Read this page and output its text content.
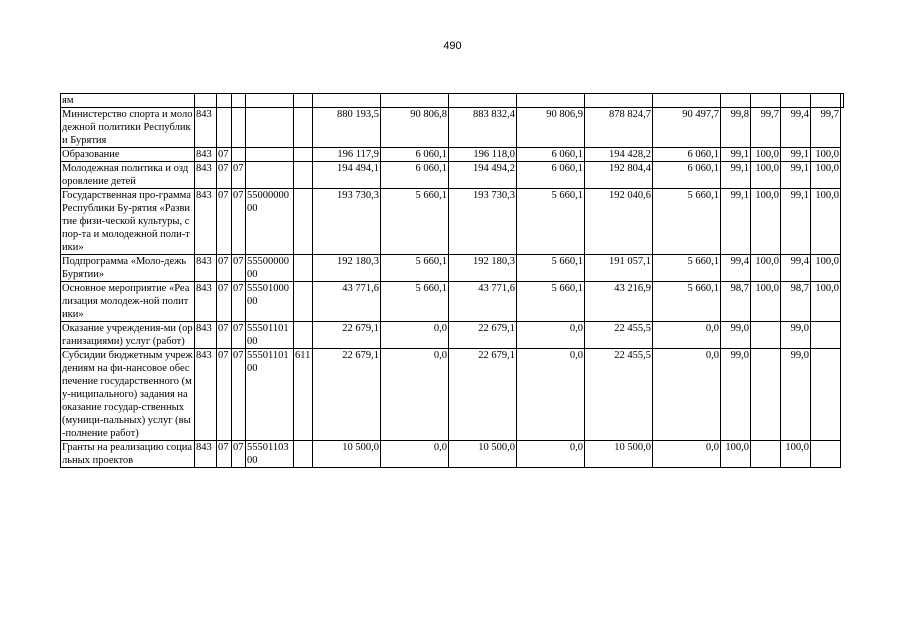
490
ям																
Министерство спорта и молодежной политики Республики Бурятия	843					880 193,5	90 806,8	883 832,4	90 806,9	878 824,7	90 497,7	99,8	99,7	99,4	99,7	
Образование	843	07				196 117,9	6 060,1	196 118,0	6 060,1	194 428,2	6 060,1	99,1	100,0	99,1	100,0	
Молодежная политика и оздоровление детей	843	07	07			194 494,1	6 060,1	194 494,2	6 060,1	192 804,4	6 060,1	99,1	100,0	99,1	100,0	
Государственная про-грамма Республики Бу-рятия «Развитие физи-ческой культуры, спор-та и молодежной поли-тики»	843	07	07	5500000000		193 730,3	5 660,1	193 730,3	5 660,1	192 040,6	5 660,1	99,1	100,0	99,1	100,0	
Подпрограмма «Моло-дежь Бурятии»	843	07	07	5550000000		192 180,3	5 660,1	192 180,3	5 660,1	191 057,1	5 660,1	99,4	100,0	99,4	100,0	
Основное мероприятие «Реализация молодеж-ной политики»	843	07	07	5550100000		43 771,6	5 660,1	43 771,6	5 660,1	43 216,9	5 660,1	98,7	100,0	98,7	100,0	
Оказание учреждения-ми (организациями) услуг (работ)	843	07	07	5550110100		22 679,1	0,0	22 679,1	0,0	22 455,5	0,0	99,0		99,0		
Субсидии бюджетным учреждениям на фи-нансовое обеспечение государственного (му-ниципального) задания на оказание государ-ственных (муници-пальных) услуг (вы-полнение работ)	843	07	07	5550110100	611	22 679,1	0,0	22 679,1	0,0	22 455,5	0,0	99,0		99,0		
Гранты на реализацию социальных проектов	843	07	07	5550110300		10 500,0	0,0	10 500,0	0,0	10 500,0	0,0	100,0		100,0		
